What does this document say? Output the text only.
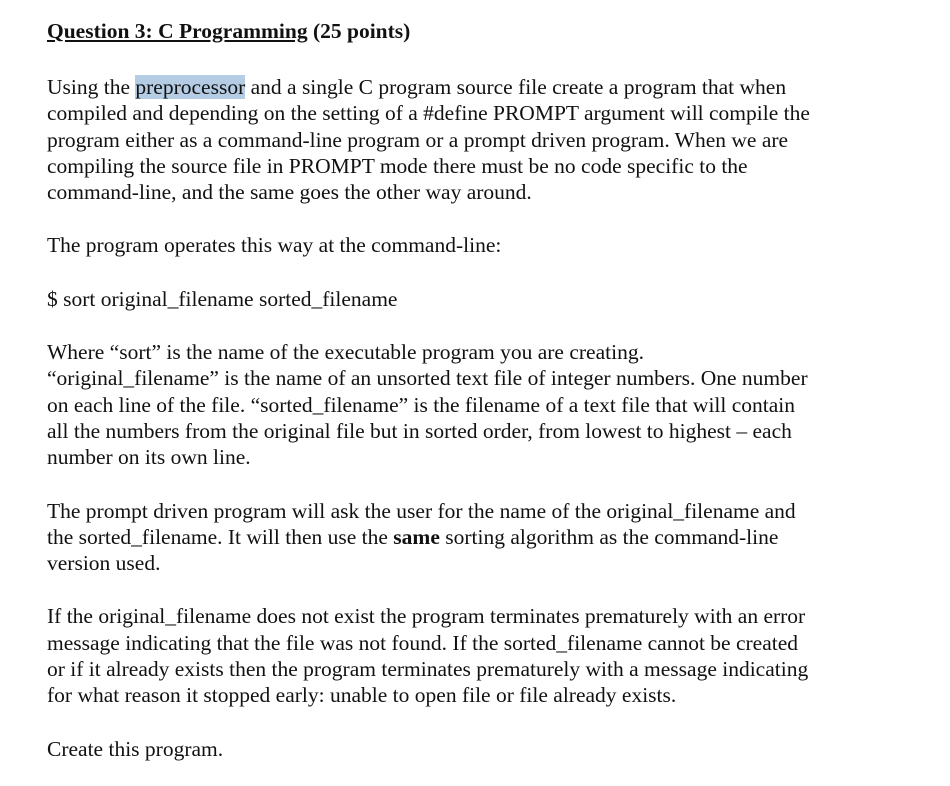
Question 3: C Programming (25 points)

Using the preprocessor and a single C program source file create a program that when

compiled and depending on the setting of a #define PROMPT argument will compile the

program either as a command-line program or a prompt driven program. When we are

compiling the source file in PROMPT mode there must be no code specific to the

command-line, and the same goes the other way around.

The program operates this way at the command-line:

$ sort original_filename sorted_filename

Where “sort” is the name of the executable program you are creating.

“original_filename” is the name of an unsorted text file of integer numbers. One number

on each line of the file. “sorted_filename” is the filename of a text file that will contain

all the numbers from the original file but in sorted order, from lowest to highest – each

number on its own line.

The prompt driven program will ask the user for the name of the original_filename and

the sorted_filename. It will then use the same sorting algorithm as the command-line

version used.

If the original_filename does not exist the program terminates prematurely with an error

message indicating that the file was not found. If the sorted_filename cannot be created

or if it already exists then the program terminates prematurely with a message indicating

for what reason it stopped early: unable to open file or file already exists.

Create this program.
